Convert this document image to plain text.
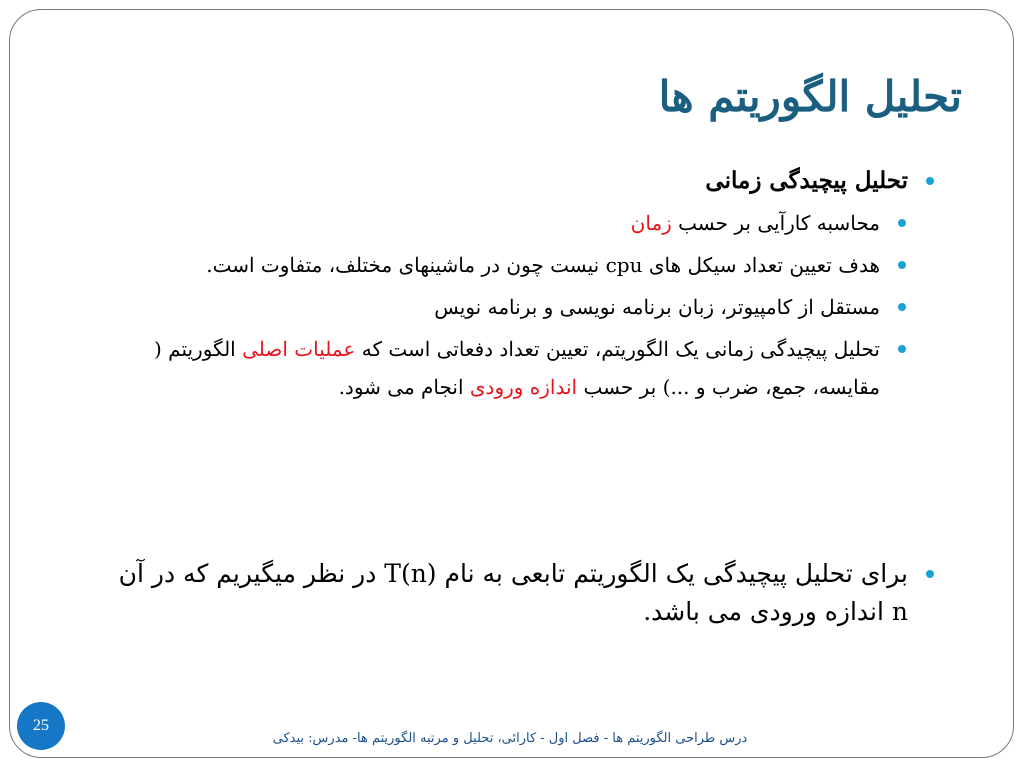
تحلیل الگوریتم ها
تحلیل پیچیدگی زمانی
محاسبه کارآیی بر حسب زمان
هدف تعیین تعداد سیکل های cpu نیست چون در ماشینهای مختلف، متفاوت است.
مستقل از کامپیوتر، زبان برنامه نویسی و برنامه نویس
تحلیل پیچیدگی زمانی یک الگوریتم، تعیین تعداد دفعاتی است که عملیات اصلی الگوریتم ( مقایسه، جمع، ضرب و ...) بر حسب اندازه ورودی انجام می شود.
برای تحلیل پیچیدگی یک الگوریتم تابعی به نام T(n) در نظر میگیریم که در آن n اندازه ورودی می باشد.
25
درس طراحی الگوریتم ها - فصل اول - کارائی، تحلیل و مرتبه الگوریتم ها- مدرس: بیدکی
